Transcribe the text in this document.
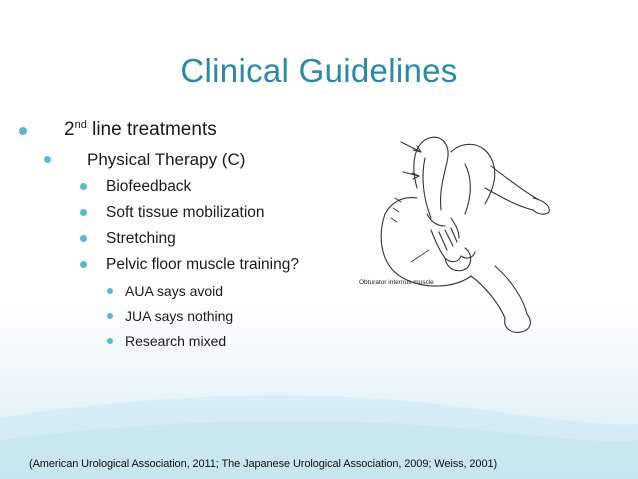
Clinical Guidelines
2nd line treatments
Physical Therapy (C)
Biofeedback
Soft tissue mobilization
Stretching
Pelvic floor muscle training?
AUA says avoid
JUA says nothing
Research mixed
Obturator internus muscle
(American Urological Association, 2011; The Japanese Urological Association, 2009; Weiss, 2001)
